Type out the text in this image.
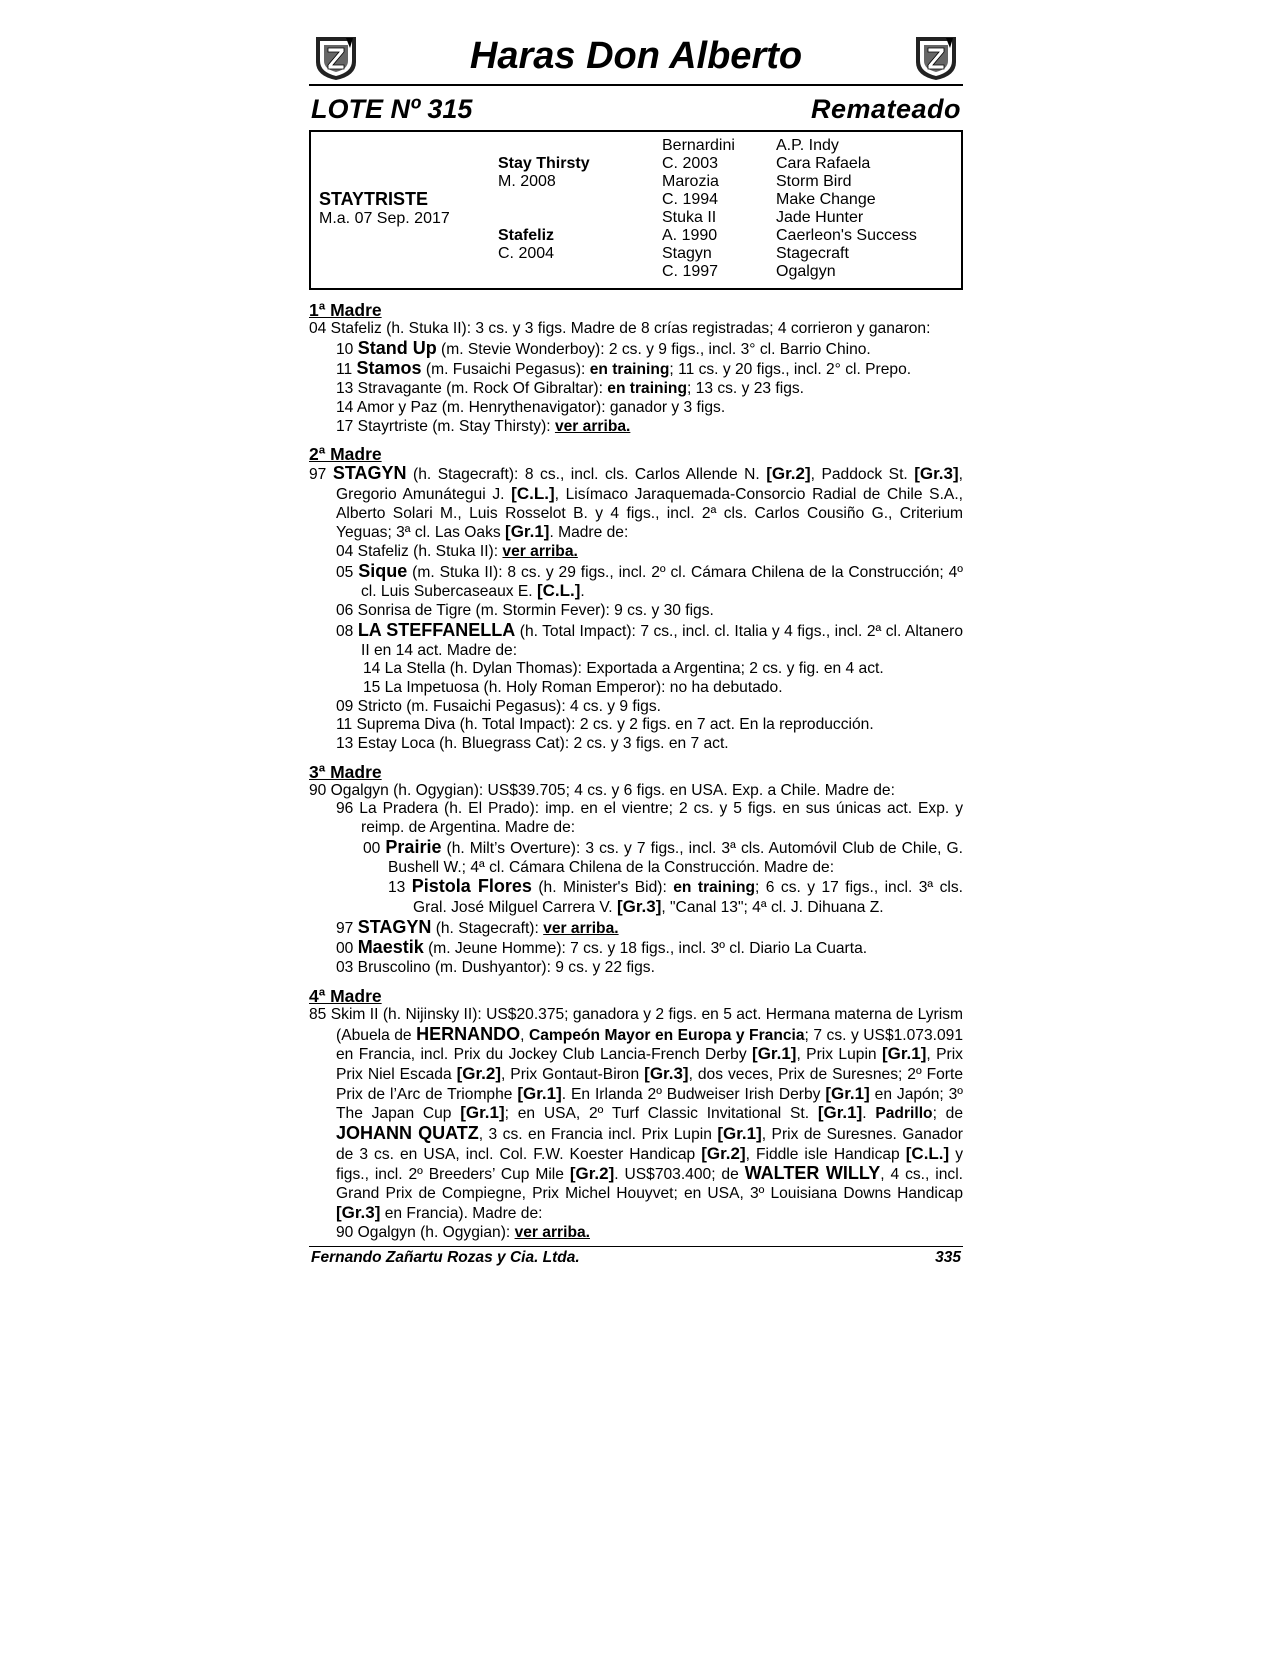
Haras Don Alberto
LOTE Nº 315	Remateado
STAYTRISTE
M.a. 07 Sep. 2017
Stay Thirsty
M. 2008
Stafeliz
C. 2004
Bernardini
C. 2003
Marozia
C. 1994
Stuka II
A. 1990
Stagyn
C. 1997
A.P. Indy
Cara Rafaela
Storm Bird
Make Change
Jade Hunter
Caerleon's Success
Stagecraft
Ogalgyn
1ª Madre
04 Stafeliz (h. Stuka II): 3 cs. y 3 figs. Madre de 8 crías registradas; 4 corrieron y ganaron:
10 Stand Up (m. Stevie Wonderboy): 2 cs. y 9 figs., incl. 3° cl. Barrio Chino.
11 Stamos (m. Fusaichi Pegasus): en training; 11 cs. y 20 figs., incl. 2° cl. Prepo.
13 Stravagante (m. Rock Of Gibraltar): en training; 13 cs. y 23 figs.
14 Amor y Paz (m. Henrythenavigator): ganador y 3 figs.
17 Stayrtriste (m. Stay Thirsty): ver arriba.
2ª Madre
97 STAGYN (h. Stagecraft): 8 cs., incl. cls. Carlos Allende N. [Gr.2], Paddock St. [Gr.3], Gregorio Amunátegui J. [C.L.], Lisímaco Jaraquemada-Consorcio Radial de Chile S.A., Alberto Solari M., Luis Rosselot B. y 4 figs., incl. 2ª cls. Carlos Cousiño G., Criterium Yeguas; 3ª cl. Las Oaks [Gr.1]. Madre de:
04 Stafeliz (h. Stuka II): ver arriba.
05 Sique (m. Stuka II): 8 cs. y 29 figs., incl. 2º cl. Cámara Chilena de la Construcción; 4º cl. Luis Subercaseaux E. [C.L.].
06 Sonrisa de Tigre (m. Stormin Fever): 9 cs. y 30 figs.
08 LA STEFFANELLA (h. Total Impact): 7 cs., incl. cl. Italia y 4 figs., incl. 2ª cl. Altanero II en 14 act. Madre de:
14 La Stella (h. Dylan Thomas): Exportada a Argentina; 2 cs. y fig. en 4 act.
15 La Impetuosa (h. Holy Roman Emperor): no ha debutado.
09 Stricto (m. Fusaichi Pegasus): 4 cs. y 9 figs.
11 Suprema Diva (h. Total Impact): 2 cs. y 2 figs. en 7 act. En la reproducción.
13 Estay Loca (h. Bluegrass Cat): 2 cs. y 3 figs. en 7 act.
3ª Madre
90 Ogalgyn (h. Ogygian): US$39.705; 4 cs. y 6 figs. en USA. Exp. a Chile. Madre de:
96 La Pradera (h. El Prado): imp. en el vientre; 2 cs. y 5 figs. en sus únicas act. Exp. y reimp. de Argentina. Madre de:
00 Prairie (h. Milt’s Overture): 3 cs. y 7 figs., incl. 3ª cls. Automóvil Club de Chile, G. Bushell W.; 4ª cl. Cámara Chilena de la Construcción. Madre de:
13 Pistola Flores (h. Minister's Bid): en training; 6 cs. y 17 figs., incl. 3ª cls. Gral. José Milguel Carrera V. [Gr.3], "Canal 13"; 4ª cl. J. Dihuana Z.
97 STAGYN (h. Stagecraft): ver arriba.
00 Maestik (m. Jeune Homme): 7 cs. y 18 figs., incl. 3º cl. Diario La Cuarta.
03 Bruscolino (m. Dushyantor): 9 cs. y 22 figs.
4ª Madre
85 Skim II (h. Nijinsky II): US$20.375; ganadora y 2 figs. en 5 act. Hermana materna de Lyrism (Abuela de HERNANDO, Campeón Mayor en Europa y Francia; 7 cs. y US$1.073.091 en Francia, incl. Prix du Jockey Club Lancia-French Derby [Gr.1], Prix Lupin [Gr.1], Prix Prix Niel Escada [Gr.2], Prix Gontaut-Biron [Gr.3], dos veces, Prix de Suresnes; 2º Forte Prix de l’Arc de Triomphe [Gr.1]. En Irlanda 2º Budweiser Irish Derby [Gr.1] en Japón; 3º The Japan Cup [Gr.1]; en USA, 2º Turf Classic Invitational St. [Gr.1]. Padrillo; de JOHANN QUATZ, 3 cs. en Francia incl. Prix Lupin [Gr.1], Prix de Suresnes. Ganador de 3 cs. en USA, incl. Col. F.W. Koester Handicap [Gr.2], Fiddle isle Handicap [C.L.] y figs., incl. 2º Breeders’ Cup Mile [Gr.2]. US$703.400; de WALTER WILLY, 4 cs., incl. Grand Prix de Compiegne, Prix Michel Houyvet; en USA, 3º Louisiana Downs Handicap [Gr.3] en Francia). Madre de:
90 Ogalgyn (h. Ogygian): ver arriba.
Fernando Zañartu Rozas y Cia. Ltda.	335
